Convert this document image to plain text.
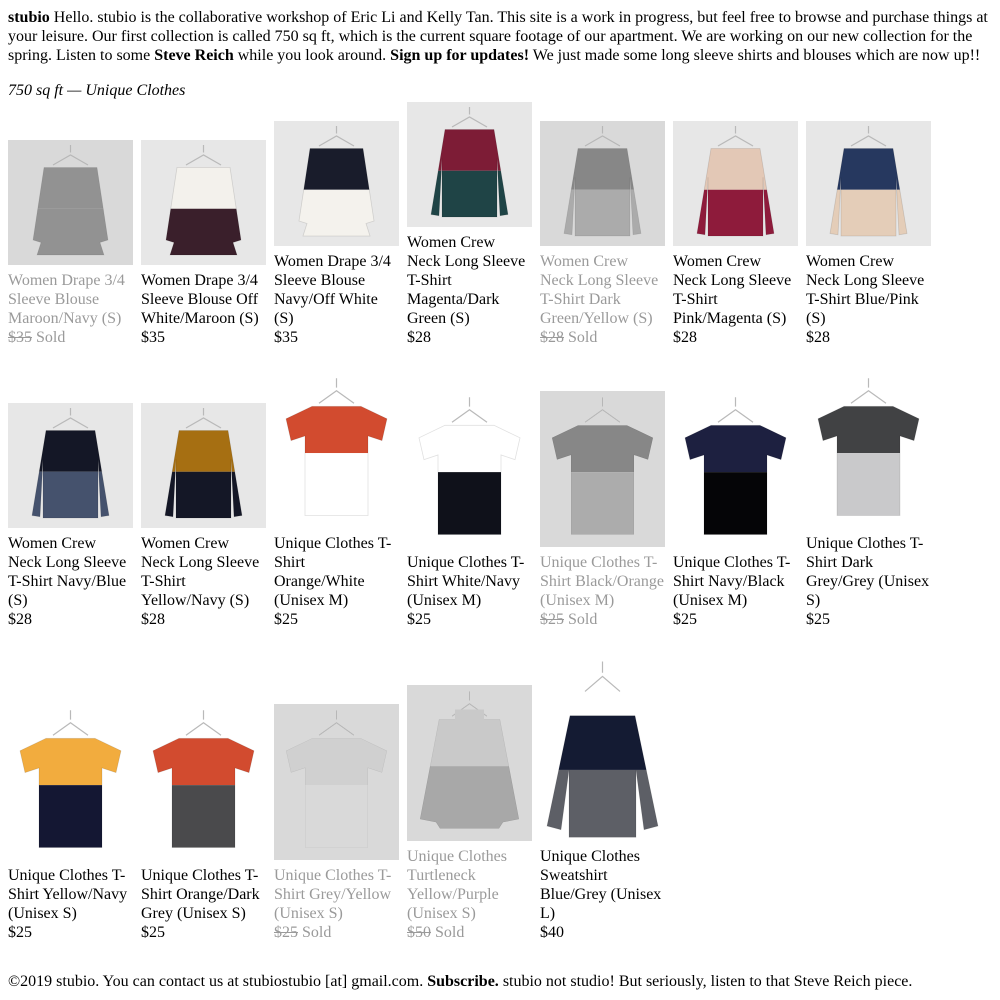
stubio Hello. stubio is the collaborative workshop of Eric Li and Kelly Tan. This site is a work in progress, but feel free to browse and purchase things at your leisure. Our first collection is called 750 sq ft, which is the current square footage of our apartment. We are working on our new collection for the spring. Listen to some Steve Reich while you look around. Sign up for updates! We just made some long sleeve shirts and blouses which are now up!!

750 sq ft — Unique Clothes
Women Drape 3/4 Sleeve Blouse Maroon/Navy (S)
$35 Sold
Women Drape 3/4 Sleeve Blouse Off White/Maroon (S)
$35
Women Drape 3/4 Sleeve Blouse Navy/Off White (S)
$35
Women Crew Neck Long Sleeve T-Shirt Magenta/Dark Green (S)
$28
Women Crew Neck Long Sleeve T-Shirt Dark Green/Yellow (S)
$28 Sold
Women Crew Neck Long Sleeve T-Shirt Pink/Magenta (S)
$28
Women Crew Neck Long Sleeve T-Shirt Blue/Pink (S)
$28
Women Crew Neck Long Sleeve T-Shirt Navy/Blue (S)
$28
Women Crew Neck Long Sleeve T-Shirt Yellow/Navy (S)
$28
Unique Clothes T-Shirt Orange/White (Unisex M)
$25
Unique Clothes T-Shirt White/Navy (Unisex M)
$25
Unique Clothes T-Shirt Black/Orange (Unisex M)
$25 Sold
Unique Clothes T-Shirt Navy/Black (Unisex M)
$25
Unique Clothes T-Shirt Dark Grey/Grey (Unisex S)
$25
Unique Clothes T-Shirt Yellow/Navy (Unisex S)
$25
Unique Clothes T-Shirt Orange/Dark Grey (Unisex S)
$25
Unique Clothes T-Shirt Grey/Yellow (Unisex S)
$25 Sold
Unique Clothes Turtleneck Yellow/Purple (Unisex S)
$50 Sold
Unique Clothes Sweatshirt Blue/Grey (Unisex L)
$40
©2019 stubio. You can contact us at stubiostubio [at] gmail.com. Subscribe. stubio not studio! But seriously, listen to that Steve Reich piece.
